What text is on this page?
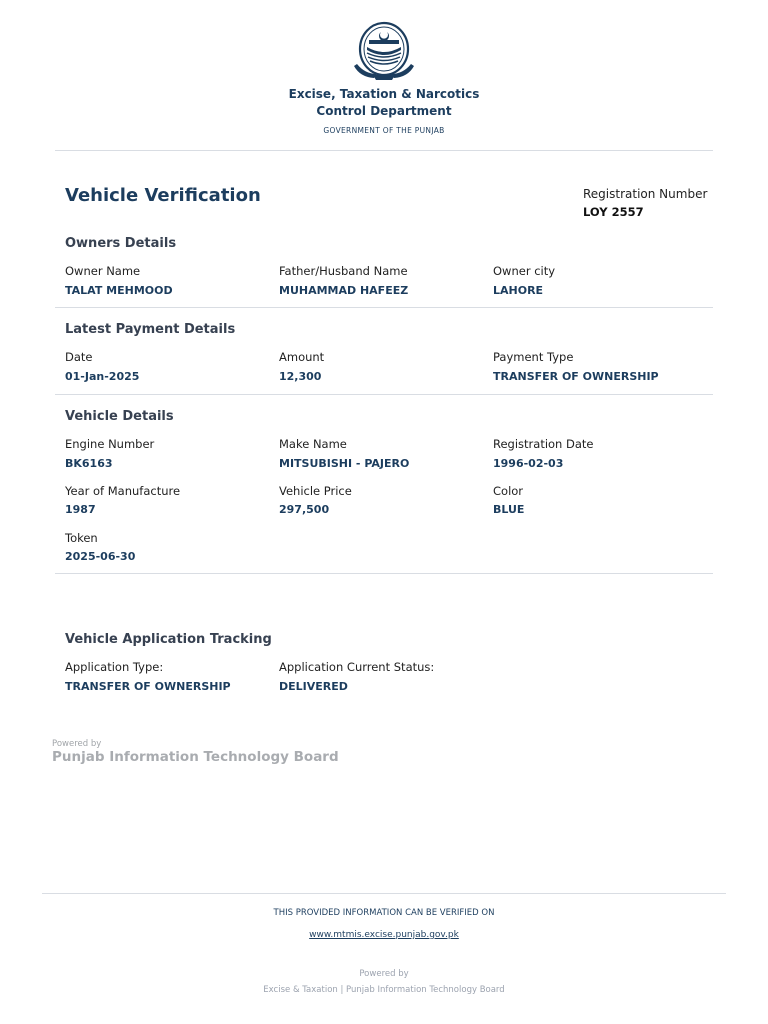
Excise, Taxation & Narcotics
Control Department
GOVERNMENT OF THE PUNJAB
Vehicle Verification	Registration Number
LOY 2557
Owners Details
Owner Name
TALAT MEHMOOD
Father/Husband Name
MUHAMMAD HAFEEZ
Owner city
LAHORE
Latest Payment Details
Date
01-Jan-2025
Amount
12,300
Payment Type
TRANSFER OF OWNERSHIP
Vehicle Details
Engine Number
BK6163
Make Name
MITSUBISHI - PAJERO
Registration Date
1996-02-03
Year of Manufacture
1987
Vehicle Price
297,500
Color
BLUE
Token
2025-06-30
Vehicle Application Tracking
Application Type:
TRANSFER OF OWNERSHIP
Application Current Status:
DELIVERED
Powered by
Punjab Information Technology Board
THIS PROVIDED INFORMATION CAN BE VERIFIED ON
www.mtmis.excise.punjab.gov.pk
Powered by
Excise & Taxation | Punjab Information Technology Board
